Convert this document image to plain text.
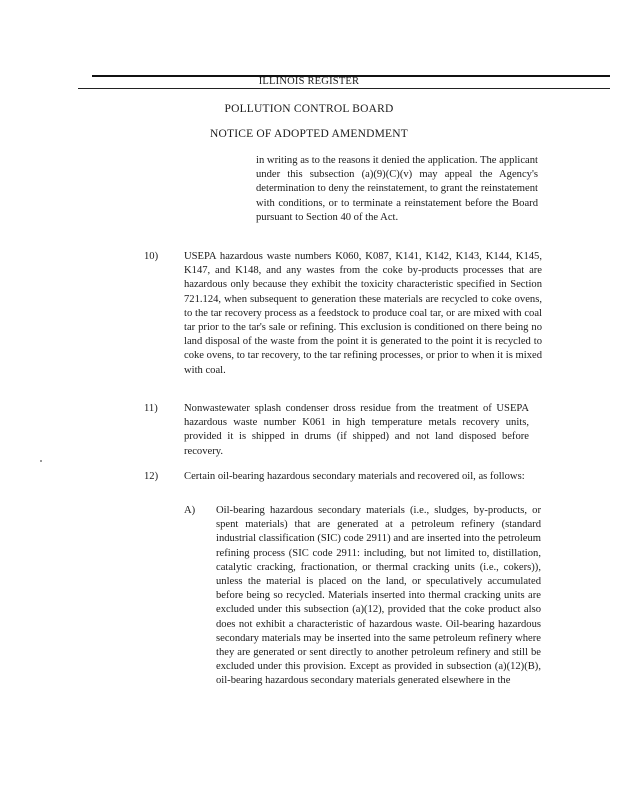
ILLINOIS REGISTER
POLLUTION CONTROL BOARD
NOTICE OF ADOPTED AMENDMENT
in writing as to the reasons it denied the application. The applicant under this subsection (a)(9)(C)(v) may appeal the Agency's determination to deny the reinstatement, to grant the reinstatement with conditions, or to terminate a reinstatement before the Board pursuant to Section 40 of the Act.
10) USEPA hazardous waste numbers K060, K087, K141, K142, K143, K144, K145, K147, and K148, and any wastes from the coke by-products processes that are hazardous only because they exhibit the toxicity characteristic specified in Section 721.124, when subsequent to generation these materials are recycled to coke ovens, to the tar recovery process as a feedstock to produce coal tar, or are mixed with coal tar prior to the tar's sale or refining. This exclusion is conditioned on there being no land disposal of the waste from the point it is generated to the point it is recycled to coke ovens, to tar recovery, to the tar refining processes, or prior to when it is mixed with coal.
11) Nonwastewater splash condenser dross residue from the treatment of USEPA hazardous waste number K061 in high temperature metals recovery units, provided it is shipped in drums (if shipped) and not land disposed before recovery.
12) Certain oil-bearing hazardous secondary materials and recovered oil, as follows:
A) Oil-bearing hazardous secondary materials (i.e., sludges, by-products, or spent materials) that are generated at a petroleum refinery (standard industrial classification (SIC) code 2911) and are inserted into the petroleum refining process (SIC code 2911: including, but not limited to, distillation, catalytic cracking, fractionation, or thermal cracking units (i.e., cokers)), unless the material is placed on the land, or speculatively accumulated before being so recycled. Materials inserted into thermal cracking units are excluded under this subsection (a)(12), provided that the coke product also does not exhibit a characteristic of hazardous waste. Oil-bearing hazardous secondary materials may be inserted into the same petroleum refinery where they are generated or sent directly to another petroleum refinery and still be excluded under this provision. Except as provided in subsection (a)(12)(B), oil-bearing hazardous secondary materials generated elsewhere in the
